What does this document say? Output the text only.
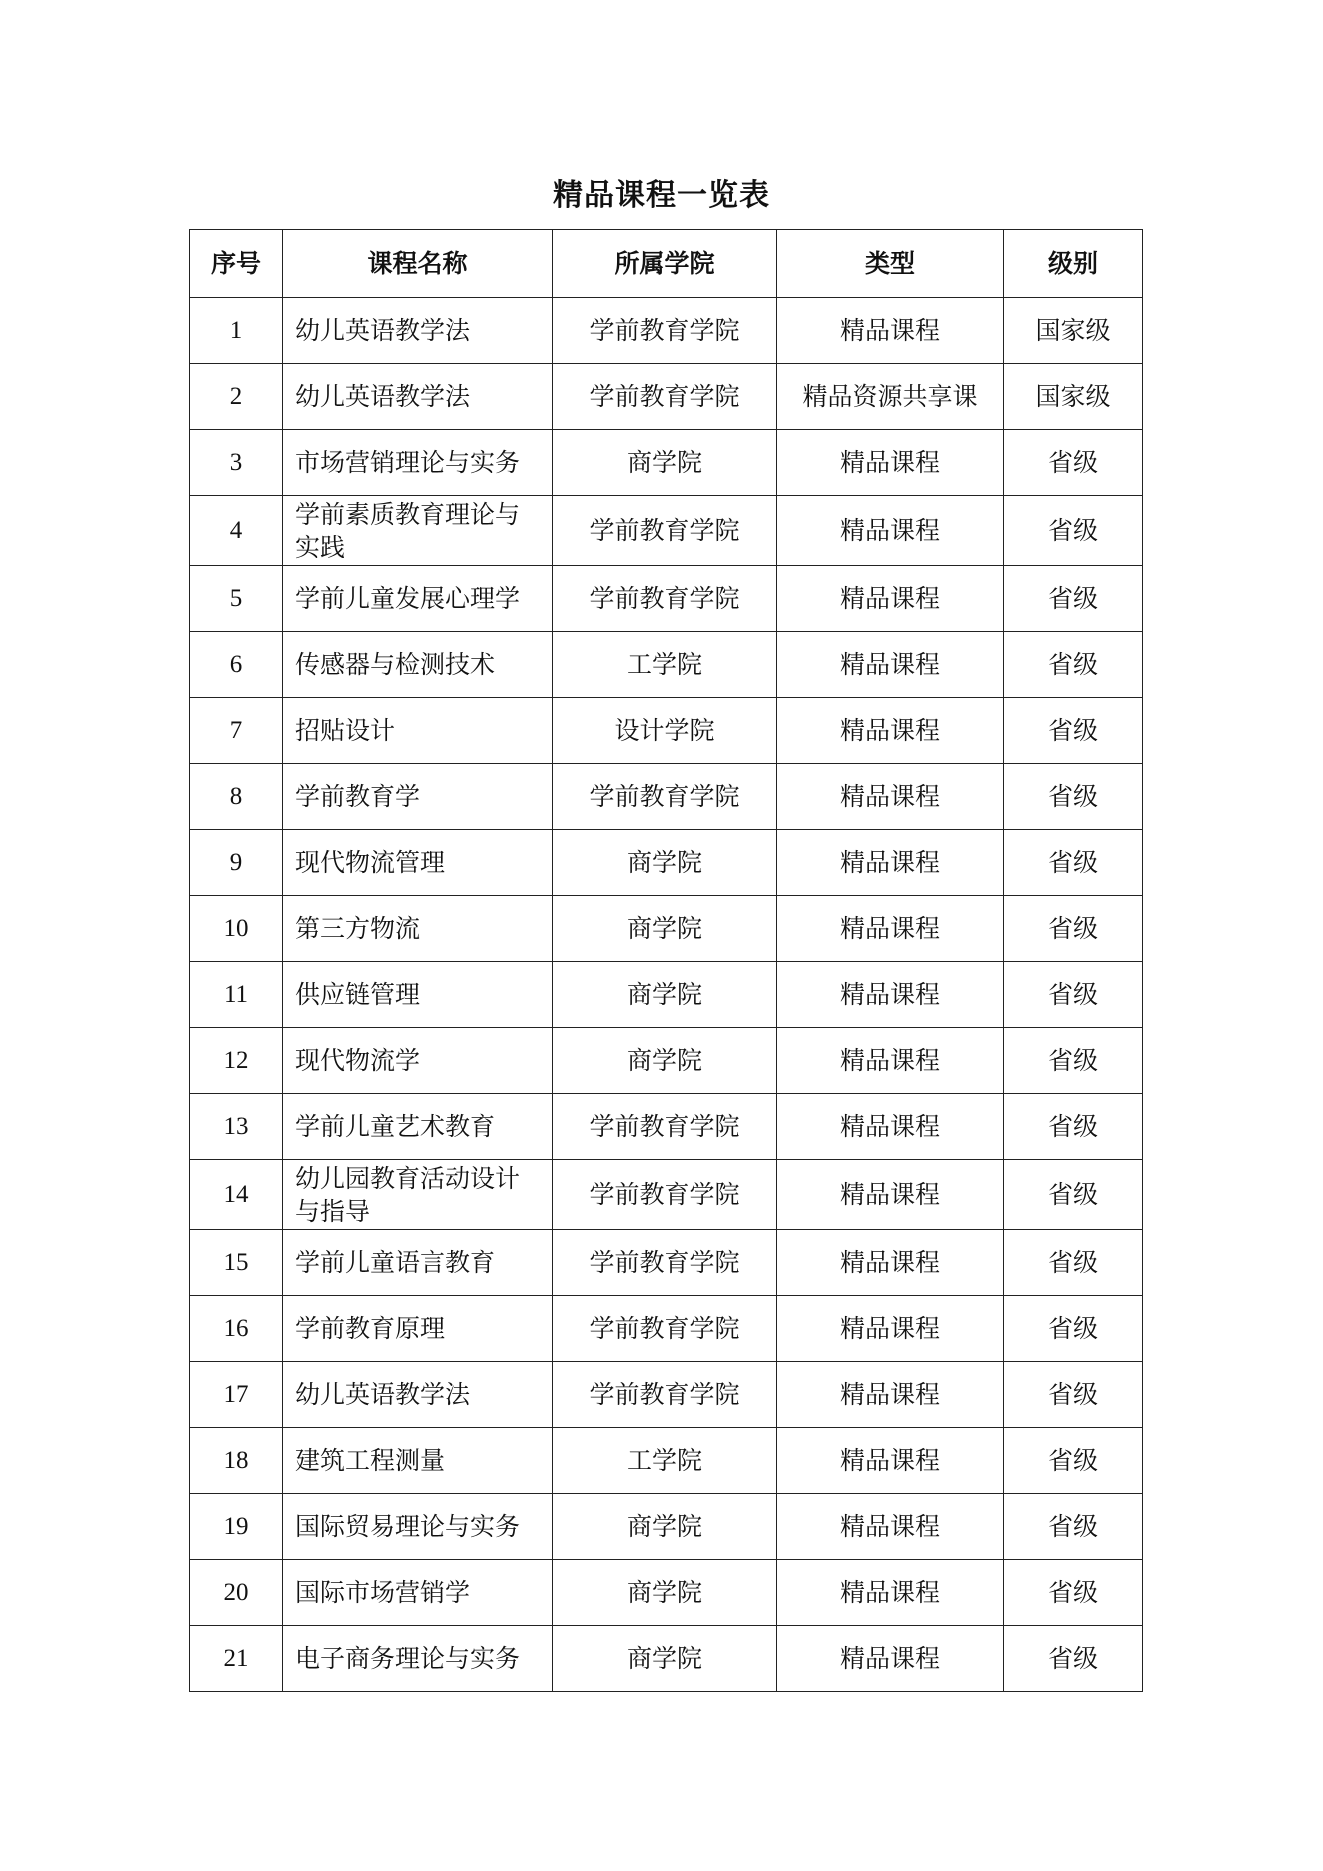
精品课程一览表
序号	课程名称	所属学院	类型	级别
1	幼儿英语教学法	学前教育学院	精品课程	国家级
2	幼儿英语教学法	学前教育学院	精品资源共享课	国家级
3	市场营销理论与实务	商学院	精品课程	省级
4	学前素质教育理论与实践	学前教育学院	精品课程	省级
5	学前儿童发展心理学	学前教育学院	精品课程	省级
6	传感器与检测技术	工学院	精品课程	省级
7	招贴设计	设计学院	精品课程	省级
8	学前教育学	学前教育学院	精品课程	省级
9	现代物流管理	商学院	精品课程	省级
10	第三方物流	商学院	精品课程	省级
11	供应链管理	商学院	精品课程	省级
12	现代物流学	商学院	精品课程	省级
13	学前儿童艺术教育	学前教育学院	精品课程	省级
14	幼儿园教育活动设计与指导	学前教育学院	精品课程	省级
15	学前儿童语言教育	学前教育学院	精品课程	省级
16	学前教育原理	学前教育学院	精品课程	省级
17	幼儿英语教学法	学前教育学院	精品课程	省级
18	建筑工程测量	工学院	精品课程	省级
19	国际贸易理论与实务	商学院	精品课程	省级
20	国际市场营销学	商学院	精品课程	省级
21	电子商务理论与实务	商学院	精品课程	省级
